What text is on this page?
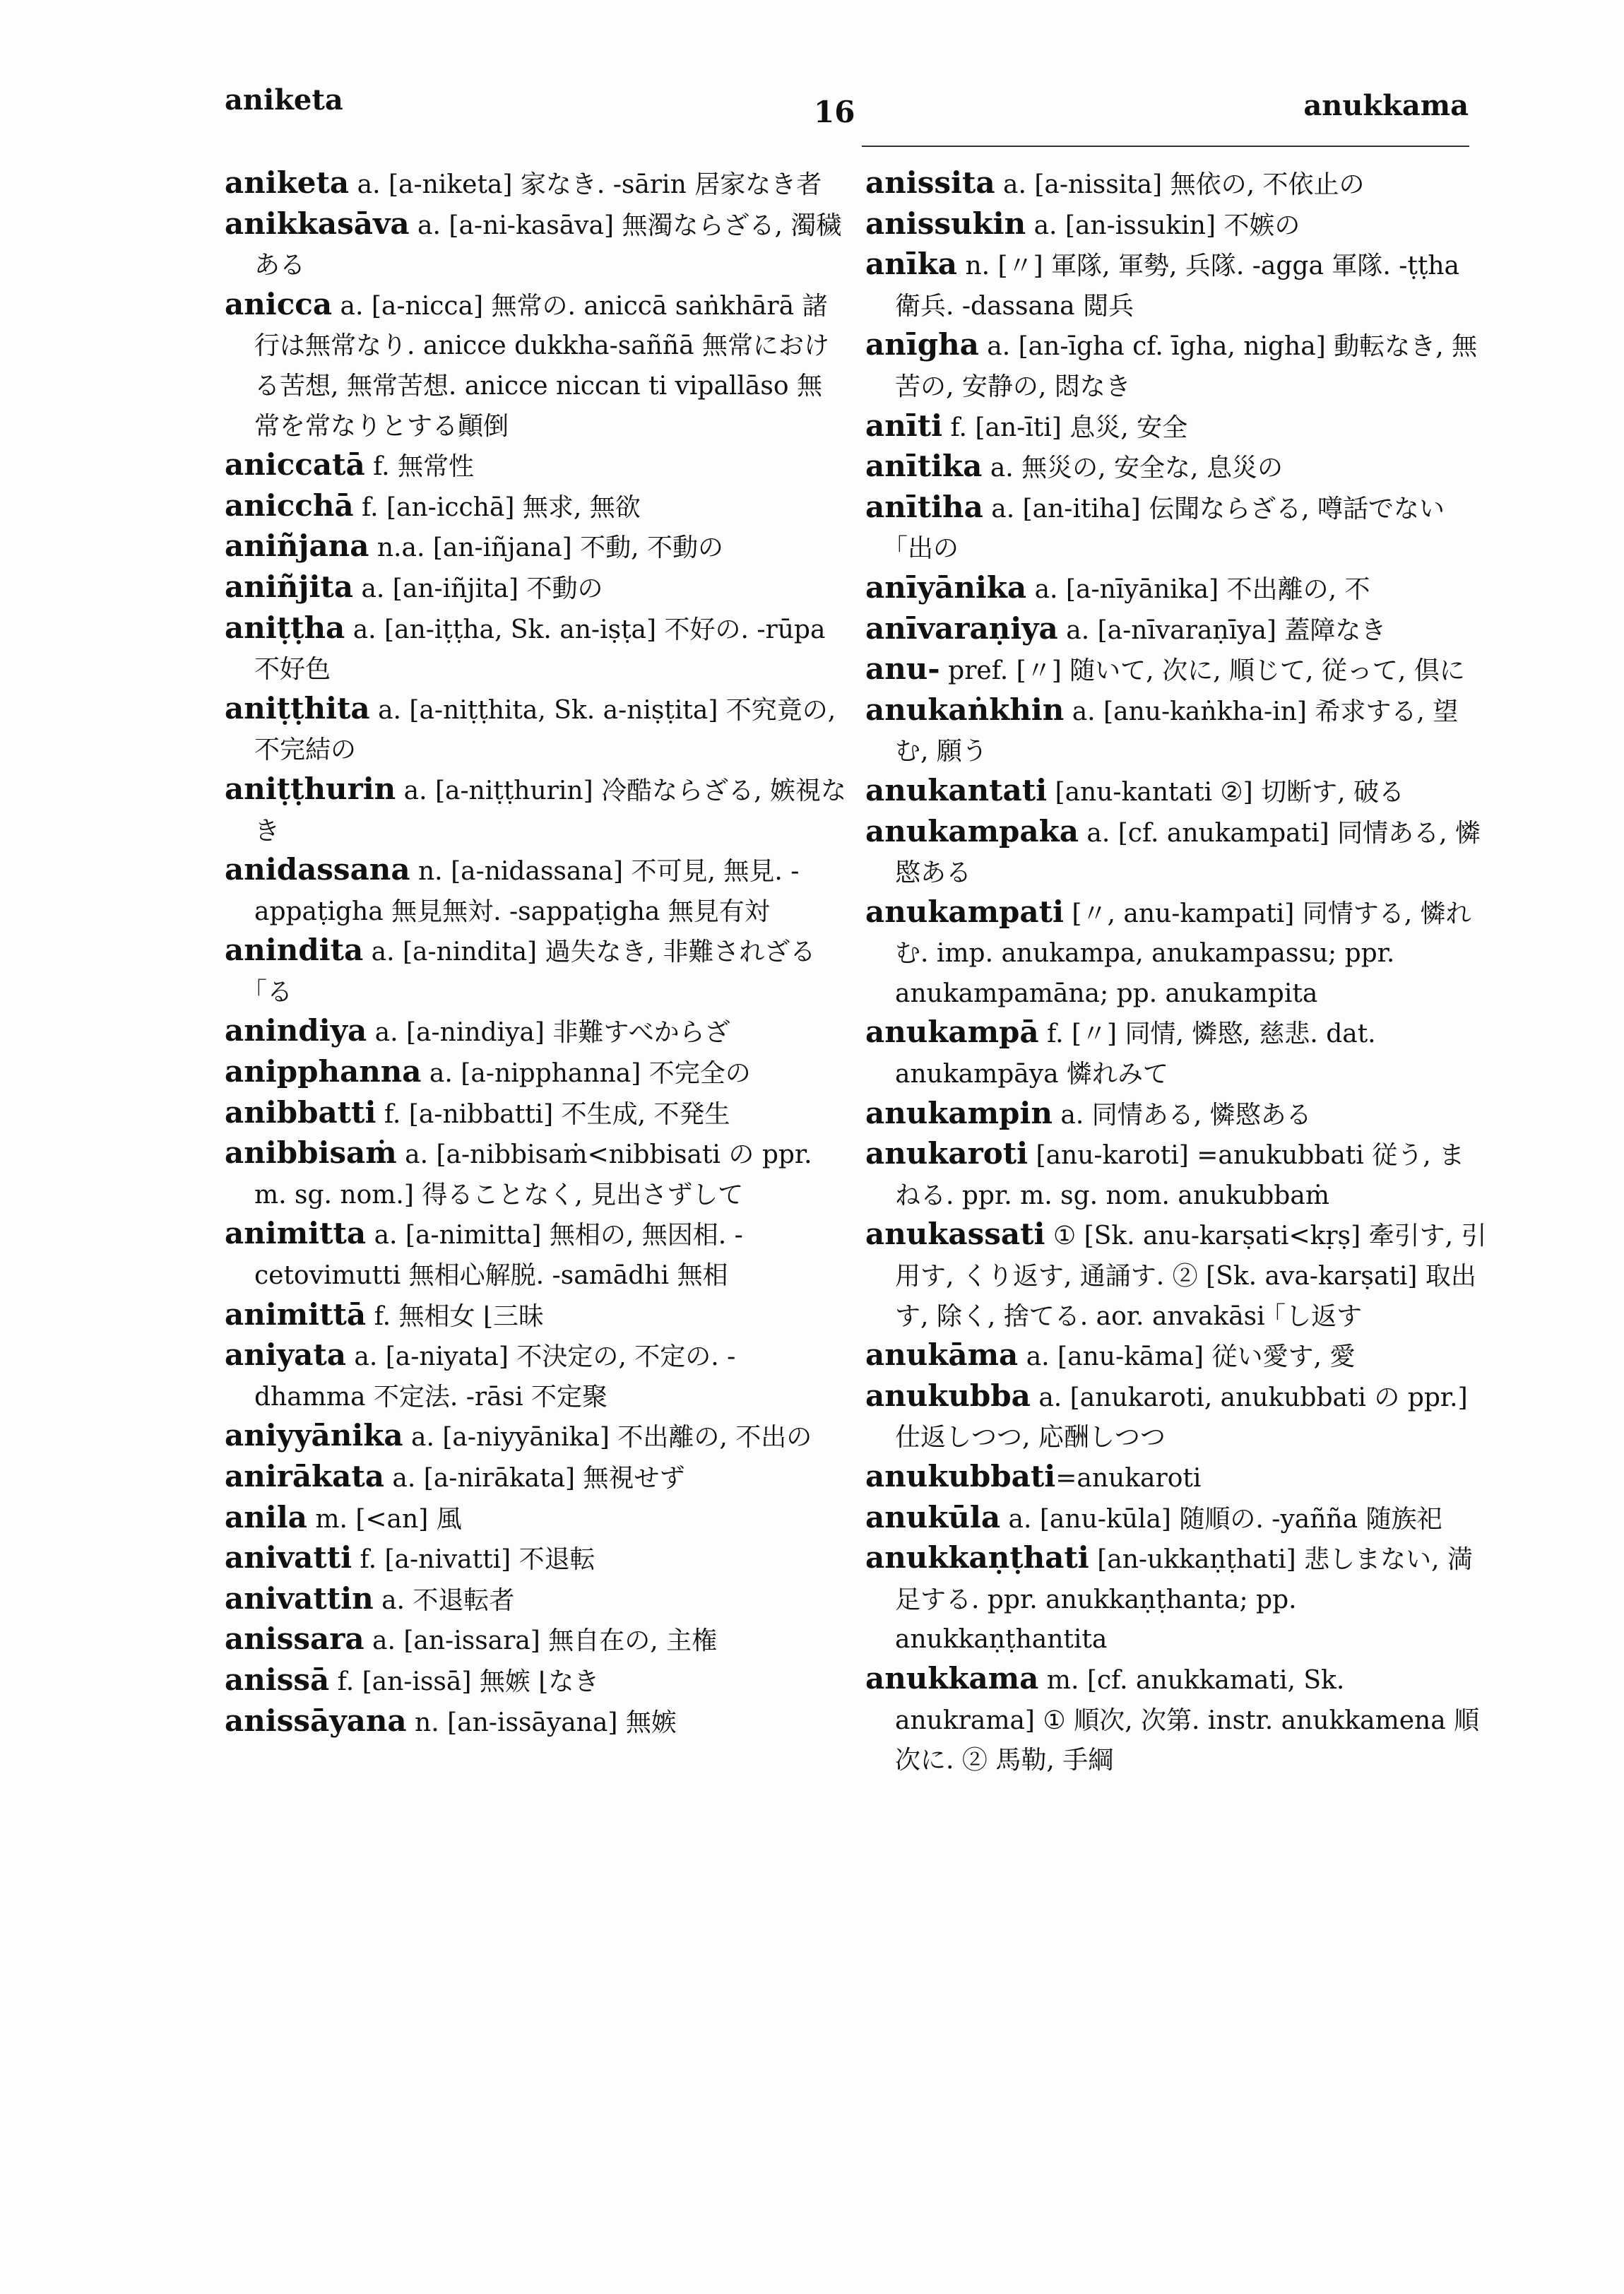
aniketa	16	anukkama

aniketa a. [a-niketa] 家なき. -sārin 居家なき者

anikkasāva a. [a-ni-kasāva] 無濁ならざる, 濁穢ある

anicca a. [a-nicca] 無常の. aniccā saṅkhārā 諸行は無常なり. anicce dukkha-saññā 無常における苦想, 無常苦想. anicce niccan ti vipallāso 無常を常なりとする顚倒

aniccatā f. 無常性

anicchā f. [an-icchā] 無求, 無欲

aniñjana n.a. [an-iñjana] 不動, 不動の

aniñjita a. [an-iñjita] 不動の

aniṭṭha a. [an-iṭṭha, Sk. an-iṣṭa] 不好の. -rūpa 不好色

aniṭṭhita a. [a-niṭṭhita, Sk. a-niṣṭita] 不究竟の, 不完結の

aniṭṭhurin a. [a-niṭṭhurin] 冷酷ならざる, 嫉視なき

anidassana n. [a-nidassana] 不可見, 無見. -appaṭigha 無見無対. -sappaṭigha 無見有対

anindita a. [a-nindita] 過失なき, 非難されざる ｢る

anindiya a. [a-nindiya] 非難すべからざ

anipphanna a. [a-nipphanna] 不完全の

anibbatti f. [a-nibbatti] 不生成, 不発生

anibbisaṁ a. [a-nibbisaṁ<nibbisati の ppr. m. sg. nom.] 得ることなく, 見出さずして

animitta a. [a-nimitta] 無相の, 無因相. -cetovimutti 無相心解脱. -samādhi 無相

animittā f. 無相女 ⌊三昧

aniyata a. [a-niyata] 不決定の, 不定の. -dhamma 不定法. -rāsi 不定聚

aniyyānika a. [a-niyyānika] 不出離の, 不出の

anirākata a. [a-nirākata] 無視せず

anila m. [<an] 風

anivatti f. [a-nivatti] 不退転

anivattin a. 不退転者

anissara a. [an-issara] 無自在の, 主権

anissā f. [an-issā] 無嫉 ⌊なき

anissāyana n. [an-issāyana] 無嫉

anissita a. [a-nissita] 無依の, 不依止の

anissukin a. [an-issukin] 不嫉の

anīka n. [〃] 軍隊, 軍勢, 兵隊. -agga 軍隊. -ṭṭha 衛兵. -dassana 閲兵

anīgha a. [an-īgha cf. īgha, nigha] 動転なき, 無苦の, 安静の, 悶なき

anīti f. [an-īti] 息災, 安全

anītika a. 無災の, 安全な, 息災の

anītiha a. [an-itiha] 伝聞ならざる, 噂話でない ｢出の

anīyānika a. [a-nīyānika] 不出離の, 不

anīvaraṇiya a. [a-nīvaraṇīya] 蓋障なき

anu- pref. [〃] 随いて, 次に, 順じて, 従って, 倶に

anukaṅkhin a. [anu-kaṅkha-in] 希求する, 望む, 願う

anukantati [anu-kantati ②] 切断す, 破る

anukampaka a. [cf. anukampati] 同情ある, 憐愍ある

anukampati [〃, anu-kampati] 同情する, 憐れむ. imp. anukampa, anukampassu; ppr. anukampamāna; pp. anukampita

anukampā f. [〃] 同情, 憐愍, 慈悲. dat. anukampāya 憐れみて

anukampin a. 同情ある, 憐愍ある

anukaroti [anu-karoti] =anukubbati 従う, まねる. ppr. m. sg. nom. anukubbaṁ

anukassati ① [Sk. anu-karṣati<kṛṣ] 牽引す, 引用す, くり返す, 通誦す. ② [Sk. ava-karṣati] 取出す, 除く, 捨てる. aor. anvakāsi ｢し返す

anukāma a. [anu-kāma] 従い愛す, 愛

anukubba a. [anukaroti, anukubbati の ppr.] 仕返しつつ, 応酬しつつ

anukubbati=anukaroti

anukūla a. [anu-kūla] 随順の. -yañña 随族祀

anukkaṇṭhati [an-ukkaṇṭhati] 悲しまない, 満足する. ppr. anukkaṇṭhanta; pp. anukkaṇṭhantita

anukkama m. [cf. anukkamati, Sk. anukrama] ① 順次, 次第. instr. anukkamena 順次に. ② 馬勒, 手綱
